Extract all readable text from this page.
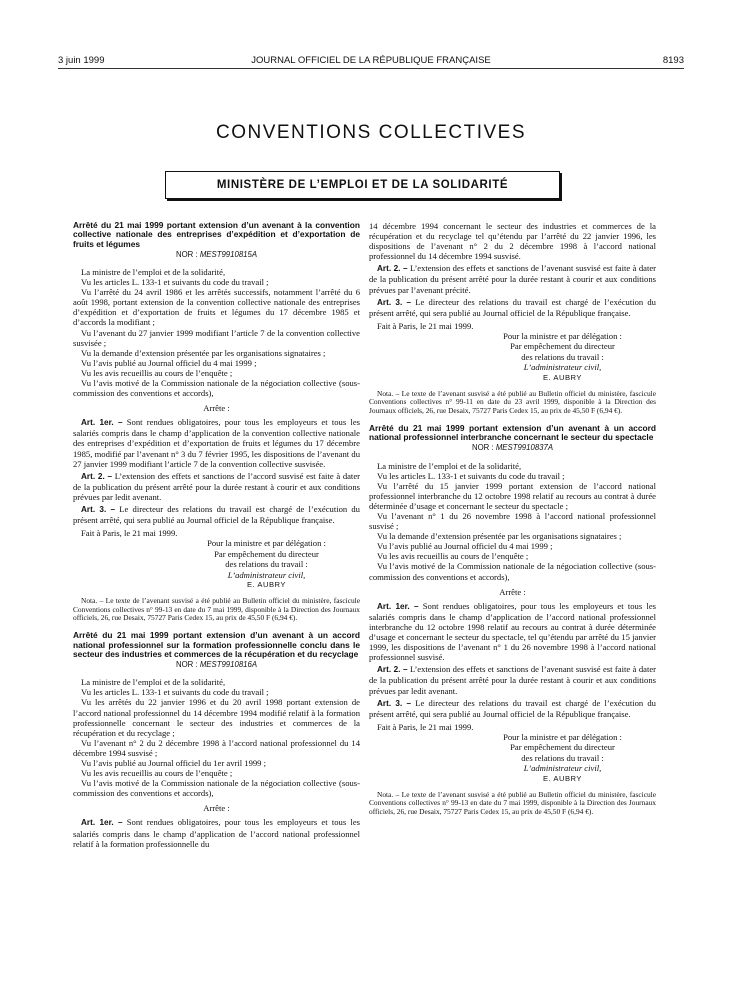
3 juin 1999	JOURNAL OFFICIEL DE LA RÉPUBLIQUE FRANÇAISE	8193
CONVENTIONS COLLECTIVES
MINISTÈRE DE L’EMPLOI ET DE LA SOLIDARITÉ
Arrêté du 21 mai 1999 portant extension d’un avenant à la convention collective nationale des entreprises d’expédition et d’exportation de fruits et légumes
NOR : MEST9910815A

La ministre de l’emploi et de la solidarité,

Vu les articles L. 133-1 et suivants du code du travail ;

Vu l’arrêté du 24 avril 1986 et les arrêtés successifs, notamment l’arrêté du 6 août 1998, portant extension de la convention collective nationale des entreprises d’expédition et d’exportation de fruits et légumes du 17 décembre 1985 et d’accords la modifiant ;

Vu l’avenant du 27 janvier 1999 modifiant l’article 7 de la convention collective susvisée ;

Vu la demande d’extension présentée par les organisations signataires ;

Vu l’avis publié au Journal officiel du 4 mai 1999 ;

Vu les avis recueillis au cours de l’enquête ;

Vu l’avis motivé de la Commission nationale de la négociation collective (sous-commission des conventions et accords),

Arrête :

Art. 1er. – Sont rendues obligatoires, pour tous les employeurs et tous les salariés compris dans le champ d’application de la convention collective nationale des entreprises d’expédition et d’exportation de fruits et légumes du 17 décembre 1985, modifié par l’avenant n° 3 du 7 février 1995, les dispositions de l’avenant du 27 janvier 1999 modifiant l’article 7 de la convention collective susvisée.

Art. 2. – L’extension des effets et sanctions de l’accord susvisé est faite à dater de la publication du présent arrêté pour la durée restant à courir et aux conditions prévues par ledit avenant.

Art. 3. – Le directeur des relations du travail est chargé de l’exécution du présent arrêté, qui sera publié au Journal officiel de la République française.

Fait à Paris, le 21 mai 1999.

Pour la ministre et par délégation :
Par empêchement du directeur
des relations du travail :
L’administrateur civil,
E. AUBRY

Nota. – Le texte de l’avenant susvisé a été publié au Bulletin officiel du ministère, fascicule Conventions collectives n° 99-13 en date du 7 mai 1999, disponible à la Direction des Journaux officiels, 26, rue Desaix, 75727 Paris Cedex 15, au prix de 45,50 F (6,94 €).

Arrêté du 21 mai 1999 portant extension d’un avenant à un accord national professionnel sur la formation professionnelle conclu dans le secteur des industries et commerces de la récupération et du recyclage
NOR : MEST9910816A

La ministre de l’emploi et de la solidarité,

Vu les articles L. 133-1 et suivants du code du travail ;

Vu les arrêtés du 22 janvier 1996 et du 20 avril 1998 portant extension de l’accord national professionnel du 14 décembre 1994 modifié relatif à la formation professionnelle concernant le secteur des industries et commerces de la récupération et du recyclage ;

Vu l’avenant n° 2 du 2 décembre 1998 à l’accord national professionnel du 14 décembre 1994 susvisé ;

Vu l’avis publié au Journal officiel du 1er avril 1999 ;

Vu les avis recueillis au cours de l’enquête ;

Vu l’avis motivé de la Commission nationale de la négociation collective (sous-commission des conventions et accords),

Arrête :

Art. 1er. – Sont rendues obligatoires, pour tous les employeurs et tous les salariés compris dans le champ d’application de l’accord national professionnel relatif à la formation professionnelle du

14 décembre 1994 concernant le secteur des industries et commerces de la récupération et du recyclage tel qu’étendu par l’arrêté du 22 janvier 1996, les dispositions de l’avenant n° 2 du 2 décembre 1998 à l’accord national professionnel du 14 décembre 1994 susvisé.

Art. 2. – L’extension des effets et sanctions de l’avenant susvisé est faite à dater de la publication du présent arrêté pour la durée restant à courir et aux conditions prévues par l’avenant précité.

Art. 3. – Le directeur des relations du travail est chargé de l’exécution du présent arrêté, qui sera publié au Journal officiel de la République française.

Fait à Paris, le 21 mai 1999.

Pour la ministre et par délégation :
Par empêchement du directeur
des relations du travail :
L’administrateur civil,
E. AUBRY

Nota. – Le texte de l’avenant susvisé a été publié au Bulletin officiel du ministère, fascicule Conventions collectives n° 99-11 en date du 23 avril 1999, disponible à la Direction des Journaux officiels, 26, rue Desaix, 75727 Paris Cedex 15, au prix de 45,50 F (6,94 €).

Arrêté du 21 mai 1999 portant extension d’un avenant à un accord national professionnel interbranche concernant le secteur du spectacle
NOR : MEST9910837A

La ministre de l’emploi et de la solidarité,

Vu les articles L. 133-1 et suivants du code du travail ;

Vu l’arrêté du 15 janvier 1999 portant extension de l’accord national professionnel interbranche du 12 octobre 1998 relatif au recours au contrat à durée déterminée d’usage et concernant le secteur du spectacle ;

Vu l’avenant n° 1 du 26 novembre 1998 à l’accord national professionnel susvisé ;

Vu la demande d’extension présentée par les organisations signataires ;

Vu l’avis publié au Journal officiel du 4 mai 1999 ;

Vu les avis recueillis au cours de l’enquête ;

Vu l’avis motivé de la Commission nationale de la négociation collective (sous-commission des conventions et accords),

Arrête :

Art. 1er. – Sont rendues obligatoires, pour tous les employeurs et tous les salariés compris dans le champ d’application de l’accord national professionnel interbranche du 12 octobre 1998 relatif au recours au contrat à durée déterminée d’usage et concernant le secteur du spectacle, tel qu’étendu par arrêté du 15 janvier 1999, les dispositions de l’avenant n° 1 du 26 novembre 1998 à l’accord national professionnel susvisé.

Art. 2. – L’extension des effets et sanctions de l’avenant susvisé est faite à dater de la publication du présent arrêté pour la durée restant à courir et aux conditions prévues par ledit avenant.

Art. 3. – Le directeur des relations du travail est chargé de l’exécution du présent arrêté, qui sera publié au Journal officiel de la République française.

Fait à Paris, le 21 mai 1999.

Pour la ministre et par délégation :
Par empêchement du directeur
des relations du travail :
L’administrateur civil,
E. AUBRY

Nota. – Le texte de l’avenant susvisé a été publié au Bulletin officiel du ministère, fascicule Conventions collectives n° 99-13 en date du 7 mai 1999, disponible à la Direction des Journaux officiels, 26, rue Desaix, 75727 Paris Cedex 15, au prix de 45,50 F (6,94 €).
